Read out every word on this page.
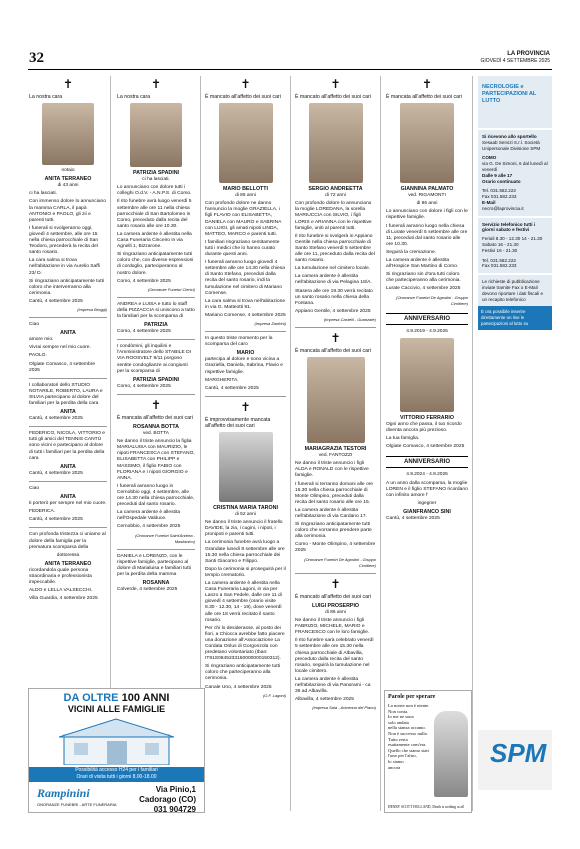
32	LA PROVINCIA
GIOVEDÌ 4 SETTEMBRE 2025
✝
La nostra cara
notaio
ANITA TERRANEO
di 43 anni

ci ha lasciati.

Con immenso dolore lo annunciano la mamma CARLA, il papà ANTONIO e PAOLO, gli zii e parenti tutti.

I funerali si svolgeranno oggi, giovedì 4 settembre, alle ore 15 nella chiesa parrocchiale di San Teodoro, precederà la recita del santo rosario.

La cara salma si trova nell'abitazione in via Aurelio Saffi 23/ D.

Si ringraziano anticipatamente tutti coloro che interverranno alla cerimonia.

Cantù, 4 settembre 2025

(Impresa Broggi)

Ciao

ANITA

amore mio.

Vivrai sempre nel mio cuore.

PAOLO.

Olgiate Comasco, 4 settembre 2025

I collaboratori dello STUDIO NOTARILE, ROBERTO, LAURA e SILVIA partecipano al dolore del familiari per la perdita della cara

ANITA

Cantù, 4 settembre 2025

FEDERICO, NICOLA, VITTORIO e tutti gli amici del TENNIS CANTÙ sono vicini e partecipano al dolore di tutti i familiari per la perdita della cara

ANITA

Cantù, 4 settembre 2025

Ciao

ANITA

ti porterò per sempre nel mio cuore.

FEDERICA.

Cantù, 4 settembre 2025

Con profonda tristezza ci uniamo al dolore della famiglia per la prematura scomparsa della

dottoressa
ANITA TERRANEO

ricordandola quale persona straordinaria e professionista impeccabile.

ALDO e LELLA VALSECCHI.

Villa Guardia, 4 settembre 2025

✝
La nostra cara
PATRIZIA SPADINI
ci ha lasciati.

Lo annunciano con dolore tutti i colleghi O.d.V. - A.N.P.S. di Como.

Il rito funebre avrà luogo venerdì 5 settembre alle ore 11 nella chiesa parrocchiale di San Bartolomeo in Como, preceduto dalla recita del santo rosario alle ore 10.30.

La camera ardente è allestita nella Casa Funeraria Cinceiro in via Agnelli 1, Bizzarone.

Si ringraziano anticipatamente tutti coloro che, con diverse espressioni di cordoglio, parteciperanno al nostro dolore.

Como, 4 settembre 2025

(Onoranze Funebri Clerici)

ANDREA e LUISA e tutto lo staff della PIZZACCIA si uniscono a tutto la familiari per la scomparsa di

PATRIZIA

Como, 4 settembre 2025

I condòmini, gli inquilini e l'Amministratore dello STABILE DI VIA ROOSVELT 9/11 porgono sentite condoglianze ai congiunti per la scomparsa di

PATRIZIA SPADINI

Como, 4 settembre 2025

✝
È mancata all'affetto dei suoi cari
ROSANNA BOTTA
ved. BOTTA

Ne danno il triste annuncio la figlia MARIALUISA con MAURIZIO, le nipoti FRANCESCA con STEFANO, ELISABETTA con PHILIPP e MASSIMO, il figlio FABIO con FLORIANA e i nipoti GIORGIO e ANNA.

I funerali avranno luogo in Cernobbio oggi, 4 settembre, alle ore 14.30 nella chiesa parrocchiale, preceduti dal santo rosario.

La camera ardente è allestita nell'Ospedale Valduce.

Cernobbio, 4 settembre 2025

(Onoranze Funebri Saint'Andrea - Maslianico)

DANIELA e LORENZO, con le rispettive famiglie, partecipano al dolore di Marialuisa e familiari tutti per la perdita della mamma

ROSANNA

Colverde, 4 settembre 2025

✝
È mancato all'affetto dei suoi cari
MARIO BELLOTTI
di 85 anni

Con profondo dolore ne danno l'annuncio la moglie GRAZIELLA, i figli FLAVIO con ELISABETTA, DANIELA con MAURO e SABRINA con LUIGI, gli amati nipoti LINDA, MATTEO, MARCO e parenti tutti.

I familiari ringraziano sentitamente tutti i medici che lo hanno curato durante questi anni.

I funerali avranno luogo giovedì 4 settembre alle ore 14.30 nella chiesa di Santo Stefano, preceduti dalla recita del santo rosario, indi la tumulazione nel cimitero di Mariano Comense.

La cara salma si trova nell'abitazione in via G. Matteotti 91.

Mariano Comense, 4 settembre 2025

(Impresa Zanfrini)

In questo triste momento per la scomparsa del caro

MARIO

partecipa al dolore e sono vicina a Graziella, Daniela, Sabrina, Flavio e rispettive famiglie.

MARGHERITA.

Cantù, 4 settembre 2025

✝
È improvvisamente mancata all'affetto dei suoi cari
CRISTINA MARIA TARONI
di 52 anni

Ne danno il triste annuncio il fratello DAVIDE, la zia, i cugini, i nipoti, i pronipoti e parenti tutti.

La cerimonia funebre avrà luogo a Grandate lunedì 8 settembre alle ore 15.30 nella chiesa parrocchiale dei Santi Giacomo e Filippo.

Dopo la cerimonia si proseguirà per il tempio crematorio.

La camera ardente è allestita nella Casa Funeraria Lagoni, in via per Lanzo a San Fedele, dalle ore 11 di giovedì 4 settembre (orario visite 8.30 - 12.30, 14 - 19), dove venerdì alle ore 18 verrà recitato il santo rosario.

Per chi lo desiderasse, al posto dei fiori, a Chiocca avrebbe fatto piacere una donazione all'Associazione La Cordata Onlus di Gorgonzola con predetano volontariato (Iban: IT91S0845333160000000150312).

Si ringraziano anticipatamente tutti coloro che parteciperanno alla cerimonia.

Canale Uno, 4 settembre 2025

(O.F. Lagoni)
✝
È mancato all'affetto dei suoi cari
SERGIO ANDREETTA
di 72 anni

Con profondo dolore lo annunciano la moglie LOREDANA, la sorella MARIUCCIA con SILVIO, i figli LORIS e ARIANNA con le rispettive famiglie, uniti al parenti tutti.

Il rito funebre si svolgerà in Appiano Gentile nella chiesa parrocchiale di Santo Stefano venerdì 5 settembre alle ore 11, preceduto dalla recita del santo rosario.

La tumulazione nel cimitero locale.

La camera ardente è allestita nell'abitazione di via Pelagina 18/A.

Stasera alle ore 19.30 verrà recitato un santo rosario nella chiesa della Fontana.

Appiano Gentile, 4 settembre 2025

(Impresa Castelli - Guanzate)
✝
È mancata all'affetto dei suoi cari
MARIAGRAZIA TESTORI
ved. FANTOZZI

Ne danno il triste annuncio i figli ALDA e RONALD con le rispettive famiglie.

I funerali si terranno domani alle ore 15.30 nella chiesa parrocchiale di Monte Olimpino, preceduti dalla recita del santo rosario alle ore 15.

La camera ardente è allestita nell'abitazione di via Cardano 17.

Si ringraziano anticipatamente tutti coloro che vorranno prendere parte alla cerimonia.

Como - Monte Olimpino, 4 settembre 2025

(Onoranze Funebri De Agostini - Gruppo Cimitiere)
✝
È mancato all'affetto dei suoi cari
LUIGI PROSERPIO
di 86 anni

Ne danno il triste annuncio i figli FABRIZIO, MICHELE, MARIO e FRANCESCO con le loro famiglie.

Il rito funebre sarà celebrato venerdì 5 settembre alle ore 15.30 nella chiesa parrocchiale di Albavilla, preceduto dalla recita del santo rosario, seguirà la tumulazione nel locale cimitero.

La camera ardente è allestita nell'abitazione di via Panorami - ca 36 ad Albavilla.

Albavilla, 4 settembre 2025

(Impresa Sala - Avicenna del Piano)
✝
È mancata all'affetto dei suoi cari
GIANNINA PALMATO
ved. RIGAMONTI
di 86 anni

Lo annunciano con dolore i figli con le rispettive famiglie.

I funerali avranno luogo nella chiesa di Lurate venerdì 5 settembre alle ore 11, preceduti dal santo rosario alle ore 10.30.

Seguirà la cremazione.

La camera ardente è allestita all'Hospice San Martino di Como.

Si ringraziano sin d'ora tutti coloro che parteciperanno alla cerimonia.

Lurate Caccivio, 4 settembre 2025

(Onoranze Funebri De Agostini - Gruppo Cimitiere)
ANNIVERSARIO
4.9.2019 - 4.9.2025
VITTORIO FERRARIO

Ogni anno che passa, il tuo ricordo diventa ancora più prezioso.

La tua famiglia.

Olgiate Comasco, 4 settembre 2025

ANNIVERSARIO
4.9.2024 - 4.9.2025

A un anno dalla scomparsa, la moglie LOREN e il figlio STEFANO ricordano con infinito amore l'

ingegner
GIANFRANCO SINI

Cantù, 4 settembre 2025

NECROLOGIE e PARTECIPAZIONI AL LUTTO
Si ricevono allo sportello
Sesaab Servizi S.r.l. Società Unipersonale Divisione SPM
COMO
via G. De Simoni, 6 dal lunedì al venerdì
Dalle 9 alle 17
Orario continuato
Tel. 031.582.222
Fax 031.582.233
E-Mail
necro@laprovincia.it
Servizio telefonico tutti i giorni sabato e festivi
Feriali 8.30 - 12.30 14 - 21.30
Sabato 16 - 21.30
Festivi 16 - 21.30
Tel. 031.582.222
Fax 031.582.233
Le richieste di pubblicazione inviate tramite Fax o E-Mail devono riportare i dati fiscali e un recapito telefonico
È ora possibile inserire direttamente on line le partecipazioni al lutto su
SPM
DA OLTRE 100 ANNI
VICINI ALLE FAMIGLIE
Possibilità accesso H24 per i familiari
Orari di visita tutti i giorni 8.00-18.00
Rampinini
ONORANZE FUNEBRI - ARTE FUNERARIA
Via Pinio,1
Cadorago (CO)
031 904729
Parole per sperare
La morte non è niente.
Non conta.
Io me ne sono
solo andata
nella stanza accanto.
Non è successo nulla.
Tutto resta
esattamente com'era.
Quello che siamo stati
l'uno per l'altro,
lo siamo
ancora
HENRY SCOTT HOLLAND, Death is nothing at all
